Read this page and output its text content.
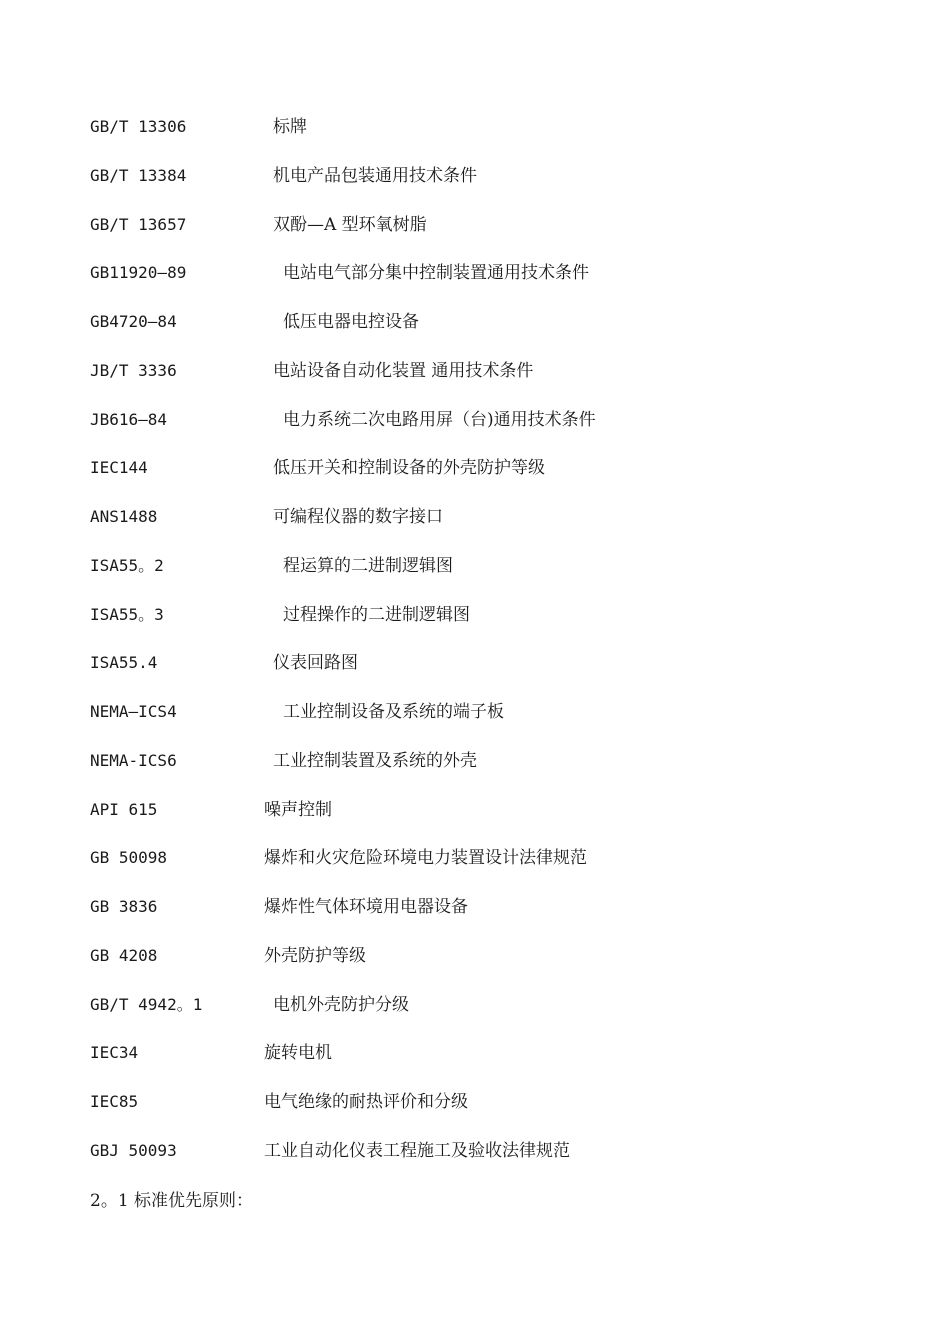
GB/T 13306	标牌
GB/T 13384	机电产品包装通用技术条件
GB/T 13657	双酚—A 型环氧树脂
GB11920—89	电站电气部分集中控制装置通用技术条件
GB4720—84	低压电器电控设备
JB/T 3336	电站设备自动化装置 通用技术条件
JB616—84	电力系统二次电路用屏（台)通用技术条件
IEC144	低压开关和控制设备的外壳防护等级
ANS1488	可编程仪器的数字接口
ISA55。2	程运算的二进制逻辑图
ISA55。3	过程操作的二进制逻辑图
ISA55.4	仪表回路图
NEMA—ICS4	工业控制设备及系统的端子板
NEMA-ICS6	工业控制装置及系统的外壳
API 615	噪声控制
GB 50098	爆炸和火灾危险环境电力装置设计法律规范
GB 3836	爆炸性气体环境用电器设备
GB 4208	外壳防护等级
GB/T 4942。1	电机外壳防护分级
IEC34	旋转电机
IEC85	电气绝缘的耐热评价和分级
GBJ 50093	工业自动化仪表工程施工及验收法律规范
2。1 标准优先原则：
